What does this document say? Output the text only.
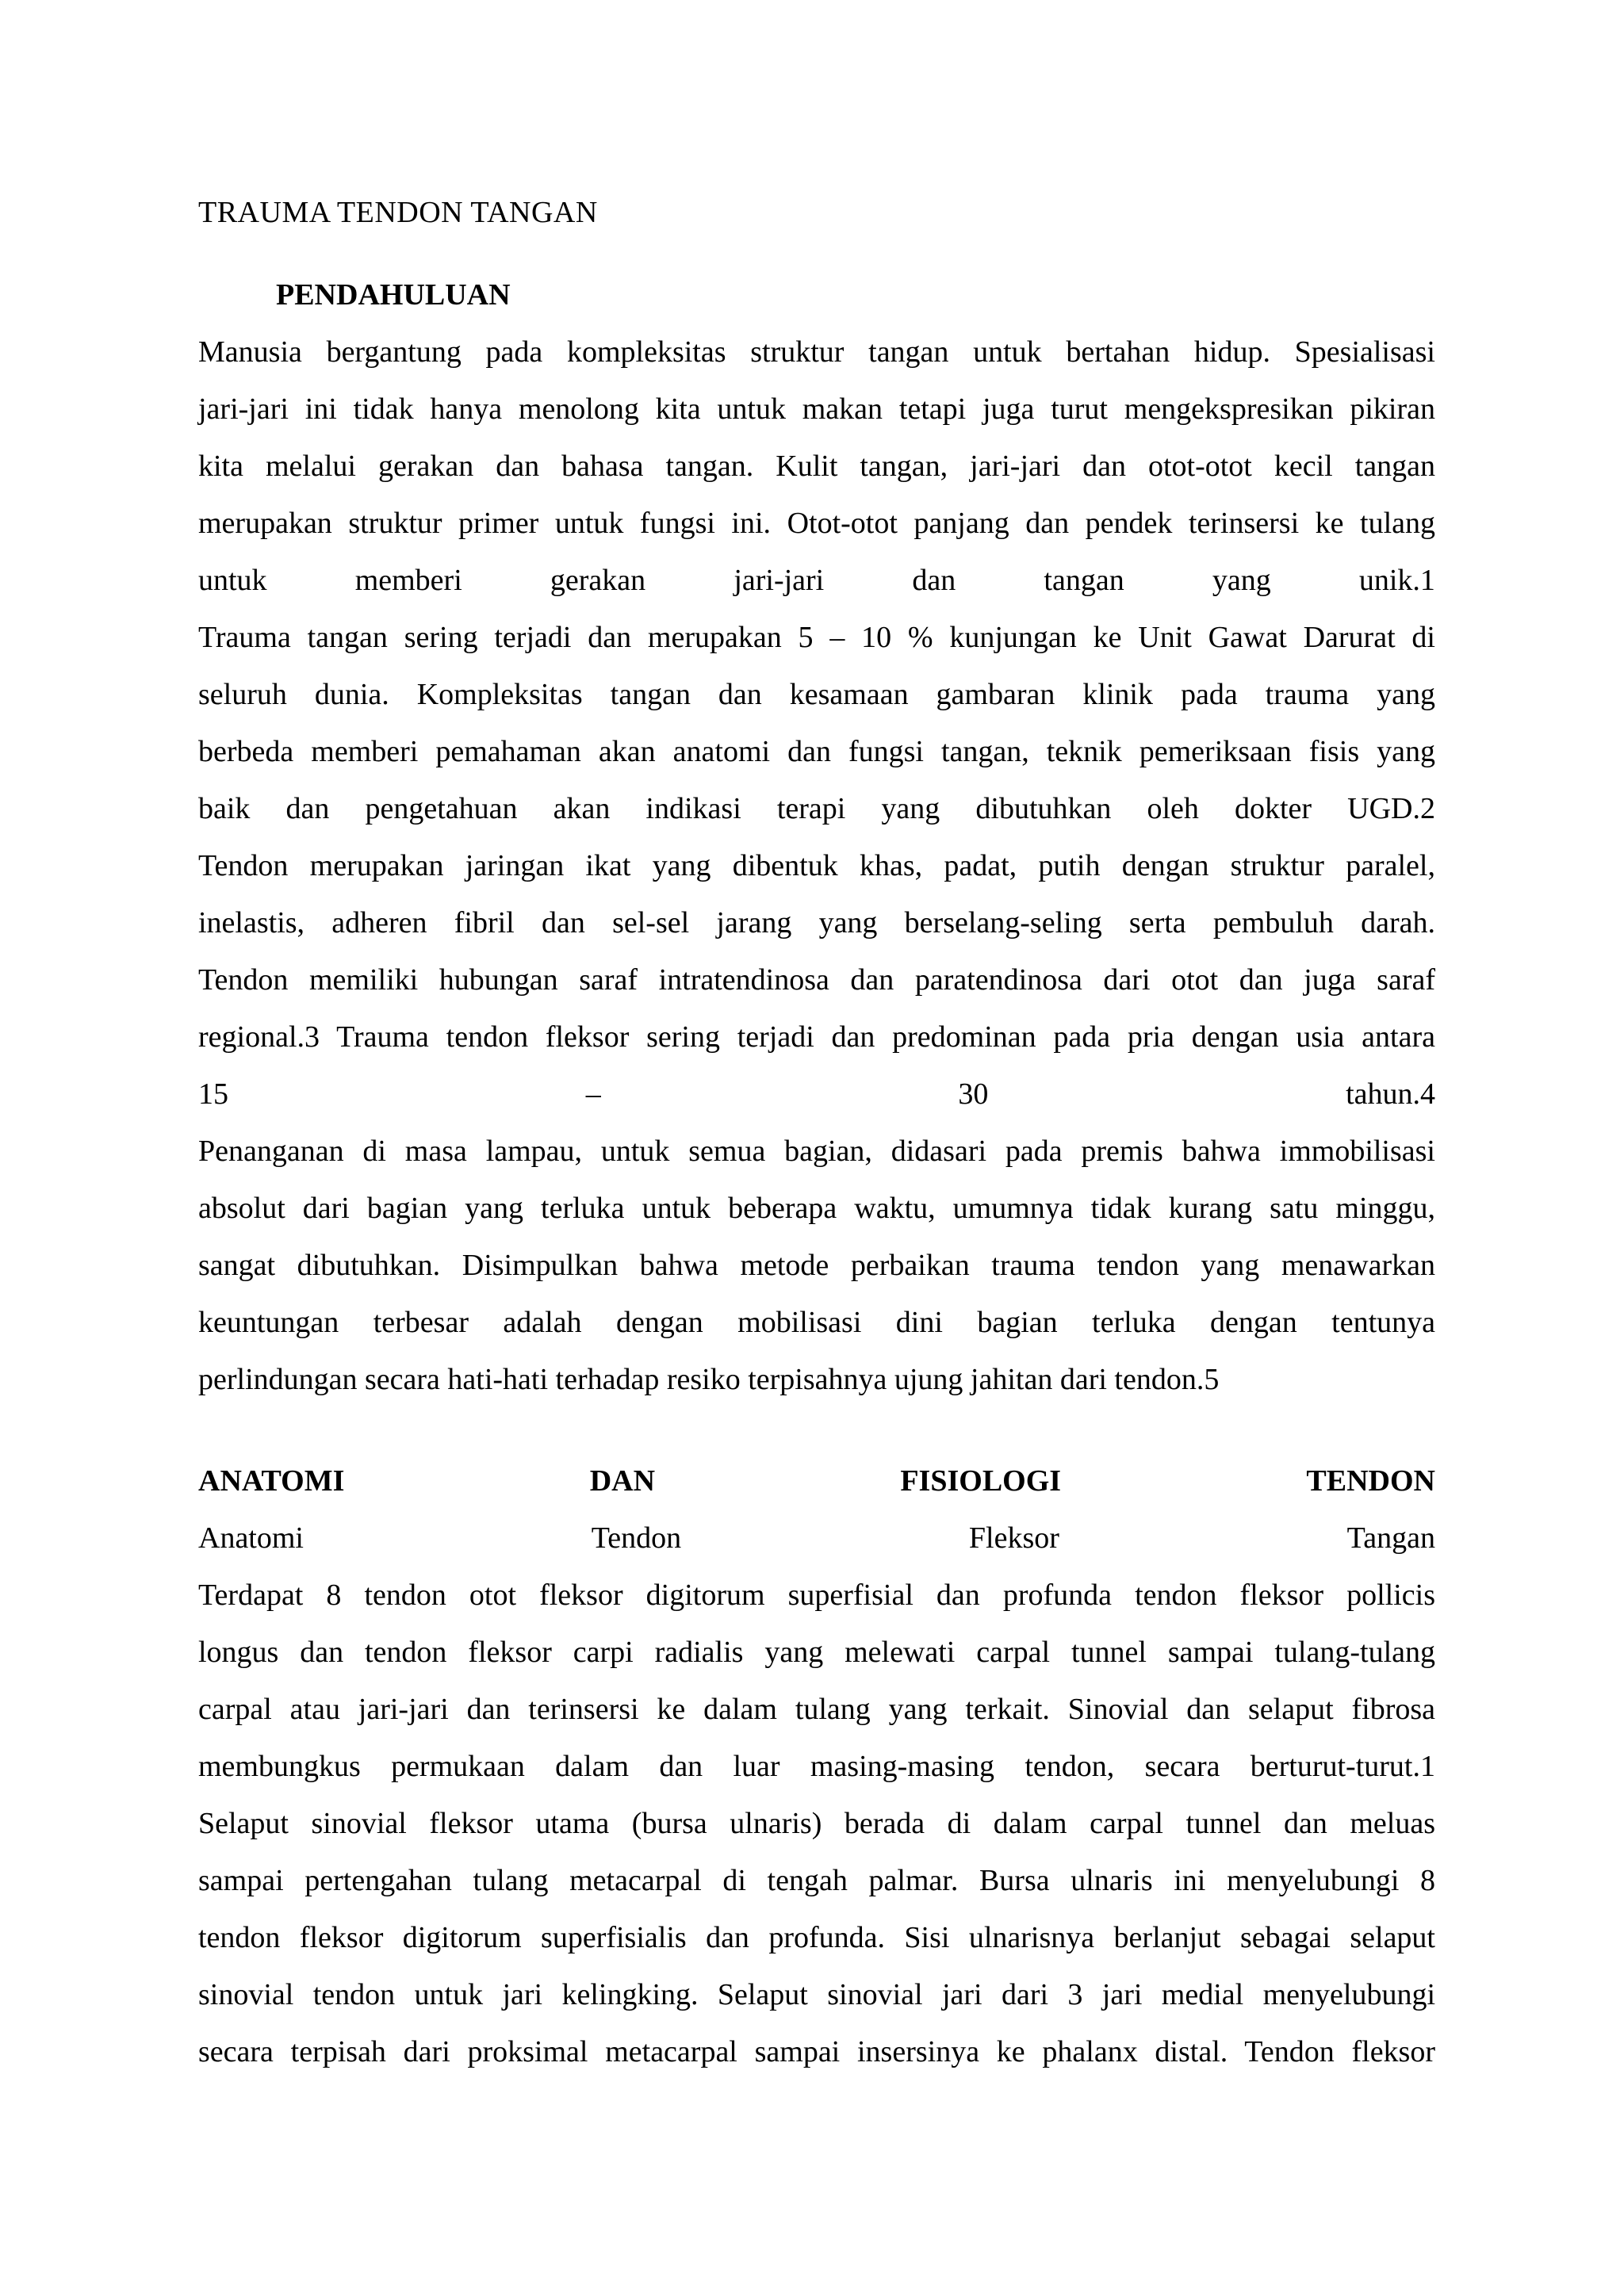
TRAUMA TENDON TANGAN
PENDAHULUAN

Manusia bergantung pada kompleksitas struktur tangan untuk bertahan hidup. Spesialisasi

jari-jari ini tidak hanya menolong kita untuk makan tetapi juga turut mengekspresikan pikiran

kita melalui gerakan dan bahasa tangan. Kulit tangan, jari-jari dan otot-otot kecil tangan

merupakan struktur primer untuk fungsi ini. Otot-otot panjang dan pendek terinsersi ke tulang

untuk	memberi	gerakan	jari-jari	dan	tangan	yang	unik.1

Trauma tangan sering terjadi dan merupakan 5 – 10 % kunjungan ke Unit Gawat Darurat di

seluruh dunia. Kompleksitas tangan dan kesamaan gambaran klinik pada trauma yang

berbeda memberi pemahaman akan anatomi dan fungsi tangan, teknik pemeriksaan fisis yang

baik dan pengetahuan akan indikasi terapi yang dibutuhkan oleh dokter UGD.2

Tendon merupakan jaringan ikat yang dibentuk khas, padat, putih dengan struktur paralel,

inelastis, adheren fibril dan sel-sel jarang yang berselang-seling serta pembuluh darah.

Tendon memiliki hubungan saraf intratendinosa dan paratendinosa dari otot dan juga saraf

regional.3 Trauma tendon fleksor sering terjadi dan predominan pada pria dengan usia antara

15	–	30	tahun.4

Penanganan di masa lampau, untuk semua bagian, didasari pada premis bahwa immobilisasi

absolut dari bagian yang terluka untuk beberapa waktu, umumnya tidak kurang satu minggu,

sangat dibutuhkan. Disimpulkan bahwa metode perbaikan trauma tendon yang menawarkan

keuntungan terbesar adalah dengan mobilisasi dini bagian terluka dengan tentunya

perlindungan secara hati-hati terhadap resiko terpisahnya ujung jahitan dari tendon.5

ANATOMI	DAN	FISIOLOGI	TENDON
Anatomi	Tendon	Fleksor	Tangan

Terdapat 8 tendon otot fleksor digitorum superfisial dan profunda tendon fleksor pollicis

longus dan tendon fleksor carpi radialis yang melewati carpal tunnel sampai tulang-tulang

carpal atau jari-jari dan terinsersi ke dalam tulang yang terkait. Sinovial dan selaput fibrosa

membungkus permukaan dalam dan luar masing-masing tendon, secara berturut-turut.1

Selaput sinovial fleksor utama (bursa ulnaris) berada di dalam carpal tunnel dan meluas

sampai pertengahan tulang metacarpal di tengah palmar. Bursa ulnaris ini menyelubungi 8

tendon fleksor digitorum superfisialis dan profunda. Sisi ulnarisnya berlanjut sebagai selaput

sinovial tendon untuk jari kelingking. Selaput sinovial jari dari 3 jari medial menyelubungi

secara terpisah dari proksimal metacarpal sampai insersinya ke phalanx distal. Tendon fleksor
